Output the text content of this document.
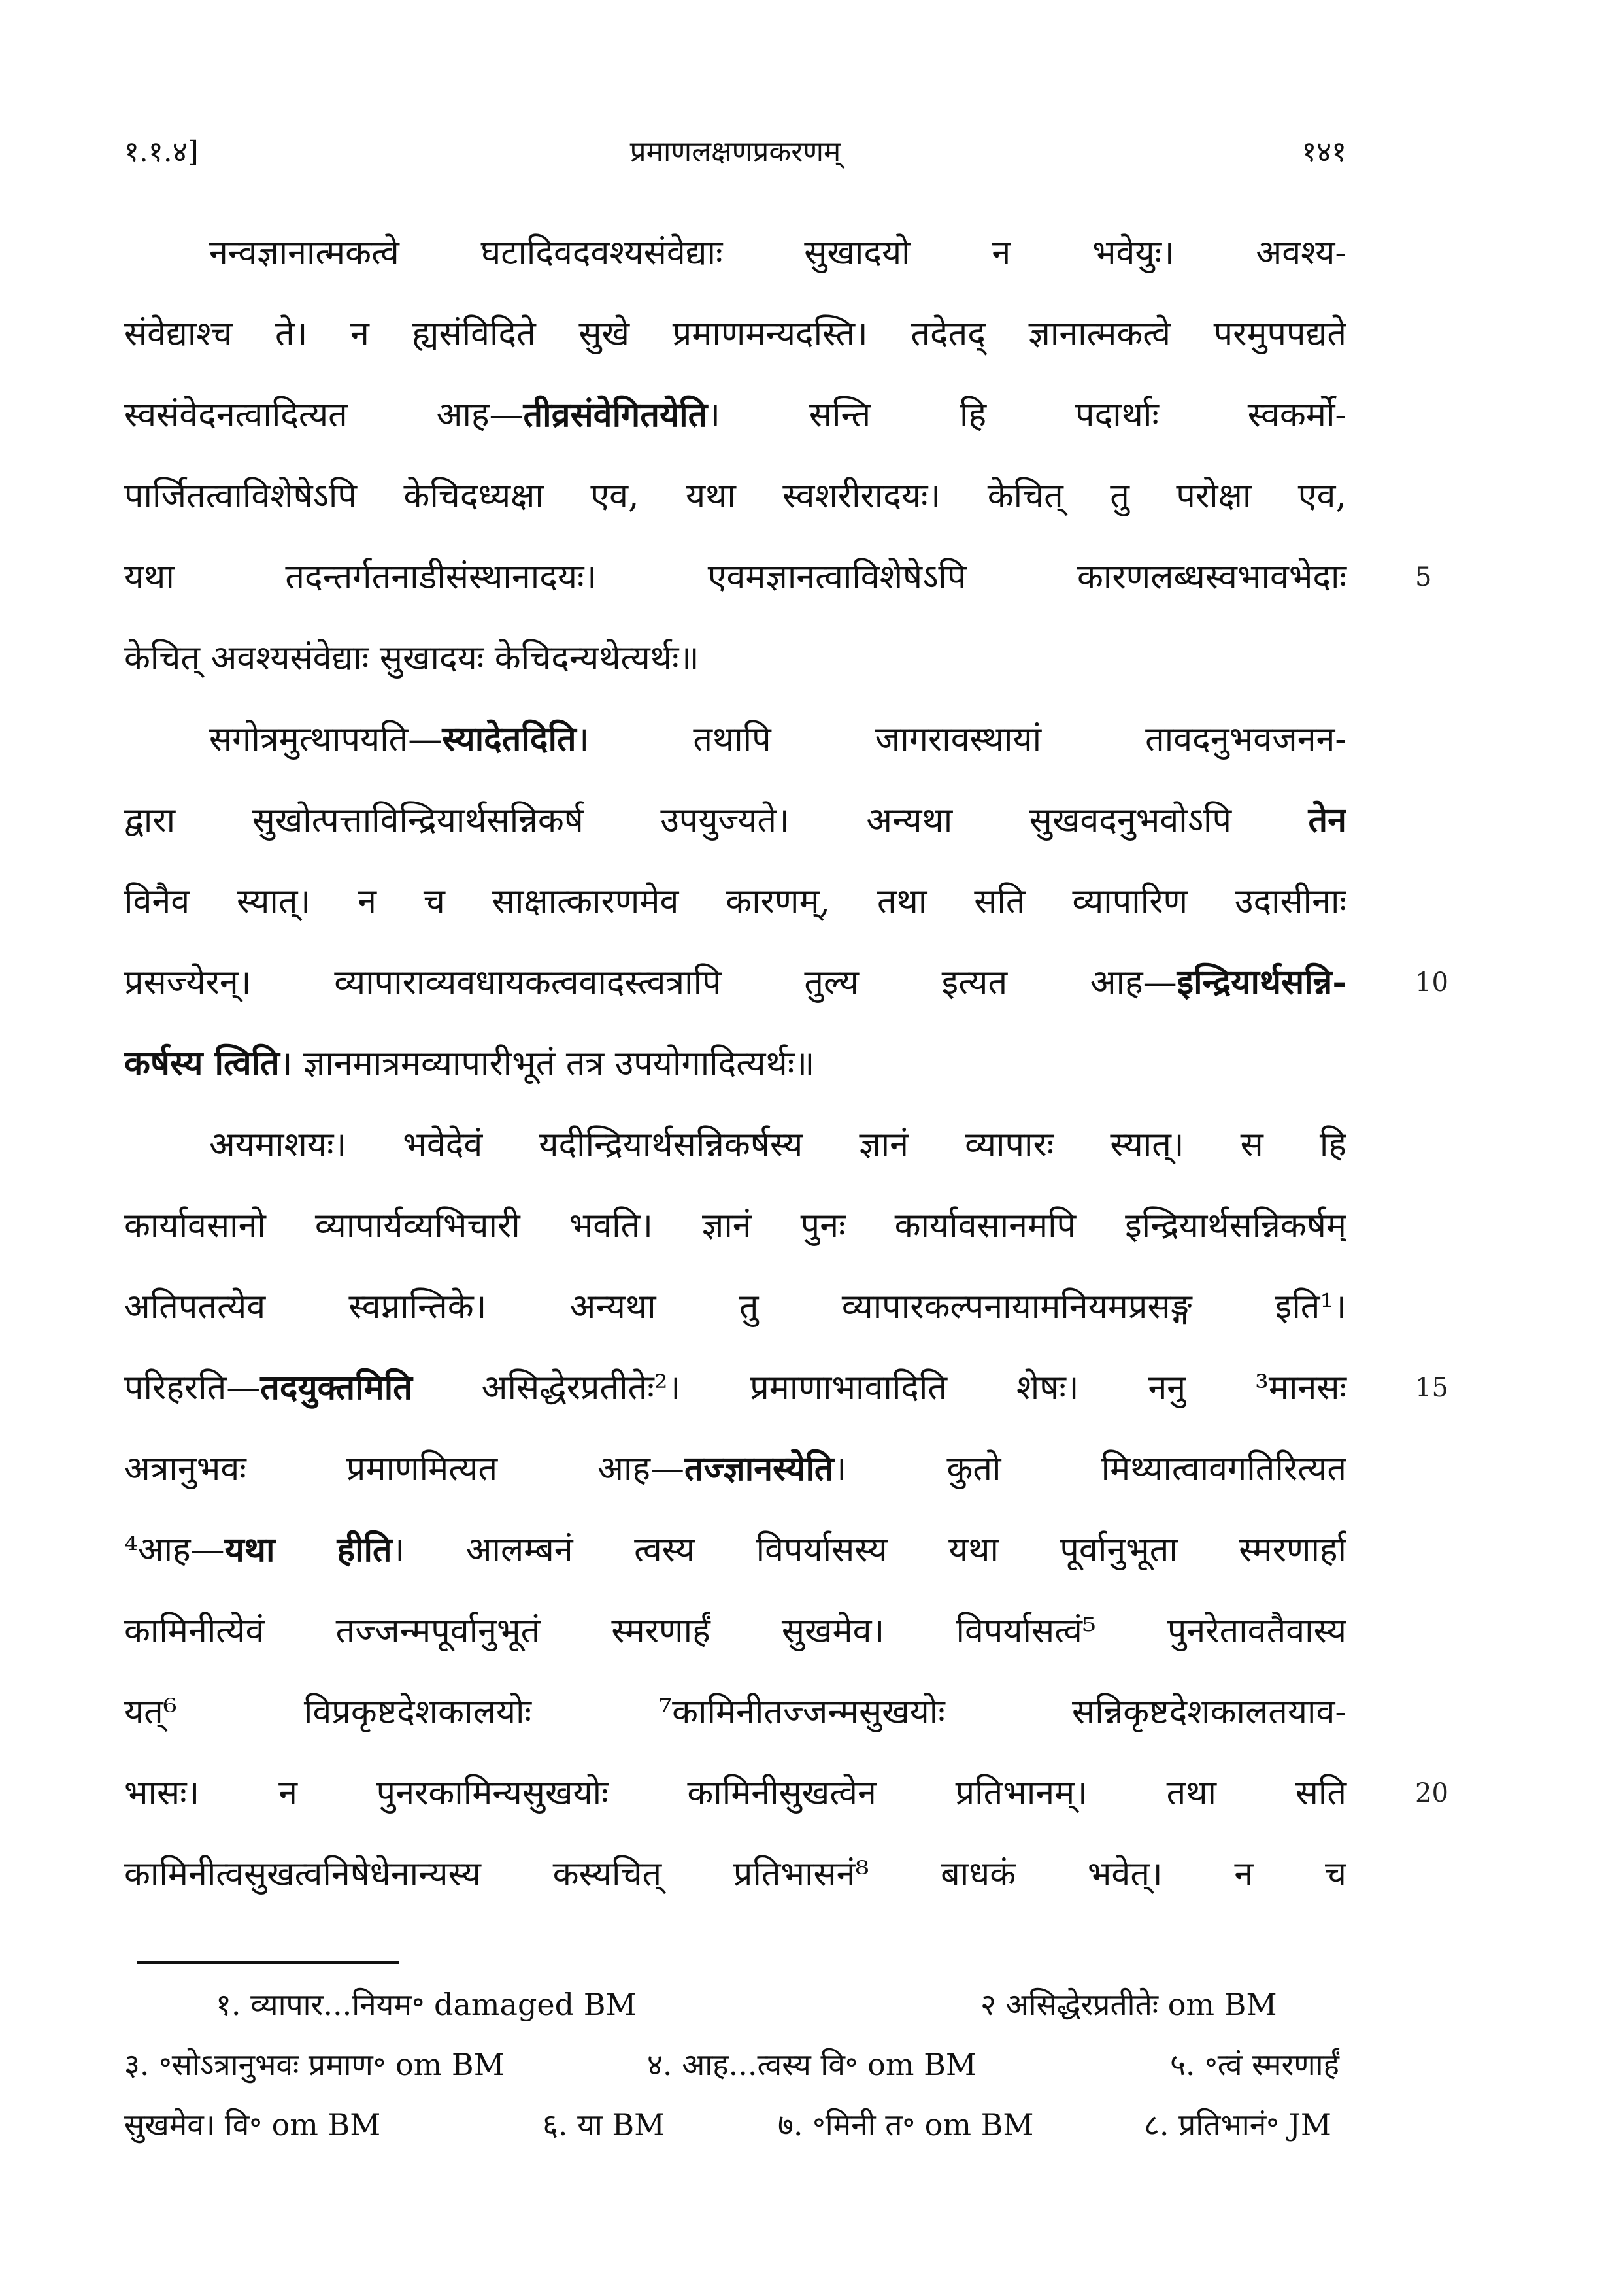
१.१.४]	प्रमाणलक्षणप्रकरणम्	१४१
नन्वज्ञानात्मकत्वे घटादिवदवश्यसंवेद्याः सुखादयो न भवेयुः। अवश्य-
संवेद्याश्च ते। न ह्यसंविदिते सुखे प्रमाणमन्यदस्ति। तदेतद् ज्ञानात्मकत्वे परमुपपद्यते
स्वसंवेदनत्वादित्यत आह—तीव्रसंवेगितयेति। सन्ति हि पदार्थाः स्वकर्मो-
पार्जितत्वाविशेषेऽपि केचिदध्यक्षा एव, यथा स्वशरीरादयः। केचित् तु परोक्षा एव,
यथा तदन्तर्गतनाडीसंस्थानादयः। एवमज्ञानत्वाविशेषेऽपि कारणलब्धस्वभावभेदाः	5
केचित् अवश्यसंवेद्याः सुखादयः केचिदन्यथेत्यर्थः॥
सगोत्रमुत्थापयति—स्यादेतदिति। तथापि जागरावस्थायां तावदनुभवजनन-
द्वारा सुखोत्पत्ताविन्द्रियार्थसन्निकर्ष उपयुज्यते। अन्यथा सुखवदनुभवोऽपि तेन
विनैव स्यात्। न च साक्षात्कारणमेव कारणम्, तथा सति व्यापारिण उदासीनाः
प्रसज्येरन्। व्यापाराव्यवधायकत्ववादस्त्वत्रापि तुल्य इत्यत आह—इन्द्रियार्थसन्नि-	10
कर्षस्य त्विति। ज्ञानमात्रमव्यापारीभूतं तत्र उपयोगादित्यर्थः॥
अयमाशयः। भवेदेवं यदीन्द्रियार्थसन्निकर्षस्य ज्ञानं व्यापारः स्यात्। स हि
कार्यावसानो व्यापार्यव्यभिचारी भवति। ज्ञानं पुनः कार्यावसानमपि इन्द्रियार्थसन्निकर्षम्
अतिपतत्येव स्वप्नान्तिके। अन्यथा तु व्यापारकल्पनायामनियमप्रसङ्ग इति¹।
परिहरति—तदयुक्तमिति असिद्धेरप्रतीतेः²। प्रमाणाभावादिति शेषः। ननु ³मानसः	15
अत्रानुभवः प्रमाणमित्यत आह—तज्ज्ञानस्येति। कुतो मिथ्यात्वावगतिरित्यत
⁴आह—यथा हीति। आलम्बनं त्वस्य विपर्यासस्य यथा पूर्वानुभूता स्मरणार्हा
कामिनीत्येवं तज्जन्मपूर्वानुभूतं स्मरणार्हं सुखमेव। विपर्यासत्वं⁵ पुनरेतावतैवास्य
यत्⁶ विप्रकृष्टदेशकालयोः ⁷कामिनीतज्जन्मसुखयोः सन्निकृष्टदेशकालतयाव-
भासः। न पुनरकामिन्यसुखयोः कामिनीसुखत्वेन प्रतिभानम्। तथा सति	20
कामिनीत्वसुखत्वनिषेधेनान्यस्य कस्यचित् प्रतिभासनं⁸ बाधकं भवेत्। न च
१. व्यापार...नियम॰ damaged BM	२ असिद्धेरप्रतीतेः om BM
३. ॰सोऽत्रानुभवः प्रमाण॰ om BM	४. आह...त्वस्य वि॰ om BM	५. ॰त्वं स्मरणार्हं
सुखमेव। वि॰ om BM	६. या BM	७. ॰मिनी त॰ om BM	८. प्रतिभानं॰ JM
